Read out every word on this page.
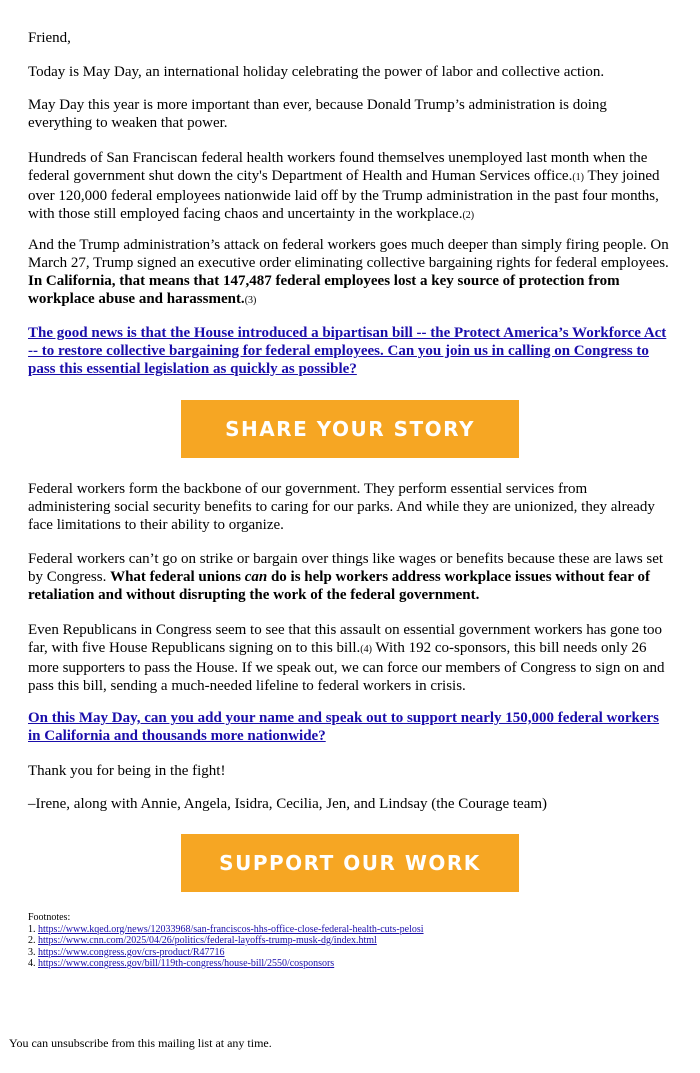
Friend,

Today is May Day, an international holiday celebrating the power of labor and collective action.

May Day this year is more important than ever, because Donald Trump’s administration is doing everything to weaken that power.

Hundreds of San Franciscan federal health workers found themselves unemployed last month when the federal government shut down the city's Department of Health and Human Services office.(1) They joined over 120,000 federal employees nationwide laid off by the Trump administration in the past four months, with those still employed facing chaos and uncertainty in the workplace.(2)

And the Trump administration’s attack on federal workers goes much deeper than simply firing people. On March 27, Trump signed an executive order eliminating collective bargaining rights for federal employees. In California, that means that 147,487 federal employees lost a key source of protection from workplace abuse and harassment.(3)

The good news is that the House introduced a bipartisan bill -- the Protect America’s Workforce Act -- to restore collective bargaining for federal employees. Can you join us in calling on Congress to pass this essential legislation as quickly as possible?

Federal workers form the backbone of our government. They perform essential services from administering social security benefits to caring for our parks. And while they are unionized, they already face limitations to their ability to organize.

Federal workers can’t go on strike or bargain over things like wages or benefits because these are laws set by Congress. What federal unions can do is help workers address workplace issues without fear of retaliation and without disrupting the work of the federal government.

Even Republicans in Congress seem to see that this assault on essential government workers has gone too far, with five House Republicans signing on to this bill.(4) With 192 co-sponsors, this bill needs only 26 more supporters to pass the House. If we speak out, we can force our members of Congress to sign on and pass this bill, sending a much-needed lifeline to federal workers in crisis.

On this May Day, can you add your name and speak out to support nearly 150,000 federal workers in California and thousands more nationwide?

Thank you for being in the fight!

–Irene, along with Annie, Angela, Isidra, Cecilia, Jen, and Lindsay (the Courage team)

SHARE YOUR STORY
SUPPORT OUR WORK
Footnotes:
1. https://www.kqed.org/news/12033968/san-franciscos-hhs-office-close-federal-health-cuts-pelosi
2. https://www.cnn.com/2025/04/26/politics/federal-layoffs-trump-musk-dg/index.html
3. https://www.congress.gov/crs-product/R47716
4. https://www.congress.gov/bill/119th-congress/house-bill/2550/cosponsors
You can unsubscribe from this mailing list at any time.
